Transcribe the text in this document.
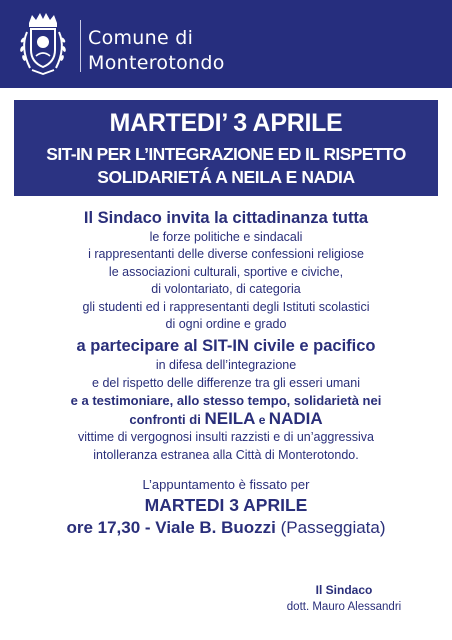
Comune di
Monterotondo
MARTEDI’ 3 APRILE
SIT-IN PER L’INTEGRAZIONE ED IL RISPETTO
SOLIDARIETÁ A NEILA E NADIA
Il Sindaco invita la cittadinanza tutta
le forze politiche e sindacali
i rappresentanti delle diverse confessioni religiose
le associazioni culturali, sportive e civiche,
di volontariato, di categoria
gli studenti ed i rappresentanti degli Istituti scolastici
di ogni ordine e grado
a partecipare al SIT-IN civile e pacifico
in difesa dell’integrazione
e del rispetto delle differenze tra gli esseri umani
e a testimoniare, allo stesso tempo, solidarietà nei
confronti di NEILA e NADIA
vittime di vergognosi insulti razzisti e di un’aggressiva
intolleranza estranea alla Città di Monterotondo.
L’appuntamento è fissato per
MARTEDI 3 APRILE
ore 17,30 - Viale B. Buozzi (Passeggiata)
Il Sindaco
dott. Mauro Alessandri
